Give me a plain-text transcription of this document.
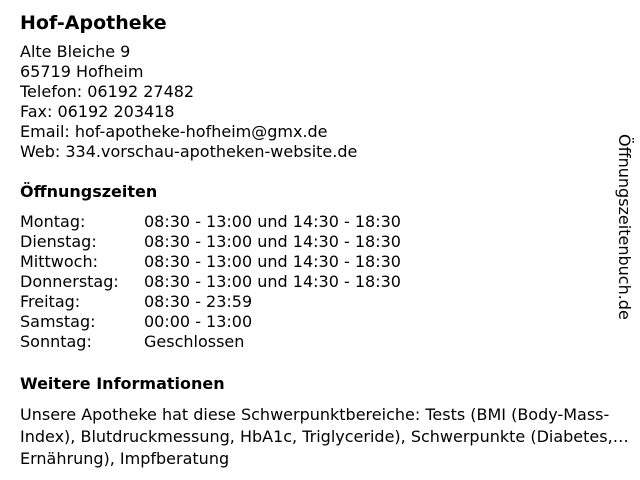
Hof-Apotheke
Alte Bleiche 9
65719 Hofheim
Telefon: 06192 27482
Fax: 06192 203418
Email: hof-apotheke-hofheim@gmx.de
Web: 334.vorschau-apotheken-website.de
Öffnungszeiten
Montag:	08:30 - 13:00 und 14:30 - 18:30
Dienstag:	08:30 - 13:00 und 14:30 - 18:30
Mittwoch:	08:30 - 13:00 und 14:30 - 18:30
Donnerstag:	08:30 - 13:00 und 14:30 - 18:30
Freitag:	08:30 - 23:59
Samstag:	00:00 - 13:00
Sonntag:	Geschlossen
Weitere Informationen
Unsere Apotheke hat diese Schwerpunktbereiche: Tests (BMI (Body-Mass-Index), Blutdruckmessung, HbA1c, Triglyceride), Schwerpunkte (Diabetes, Ernährung), Impfberatung
Öffnungszeitenbuch.de
